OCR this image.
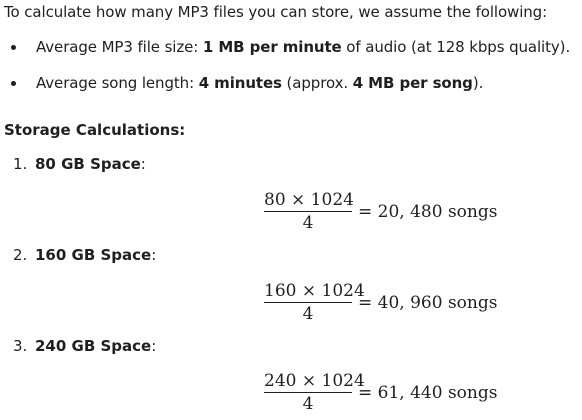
To calculate how many MP3 files you can store, we assume the following:
Average MP3 file size: 1 MB per minute of audio (at 128 kbps quality).
Average song length: 4 minutes (approx. 4 MB per song).
Storage Calculations:
1. 80 GB Space:
80 × 1024
4
= 20, 480 songs
2. 160 GB Space:
160 × 1024
4
= 40, 960 songs
3. 240 GB Space:
240 × 1024
4
= 61, 440 songs
